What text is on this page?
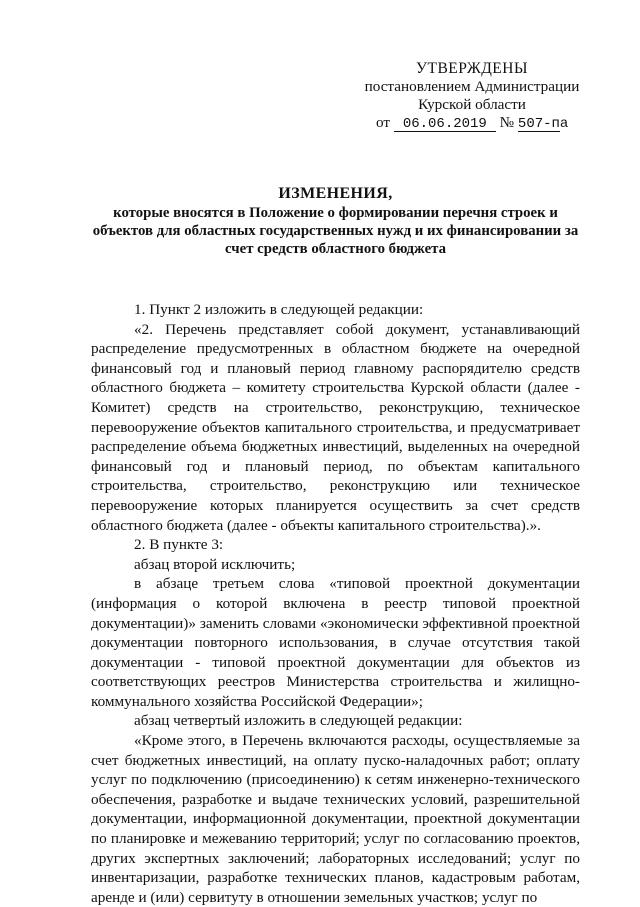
УТВЕРЖДЕНЫ
постановлением Администрации
Курской области
от 06.06.2019 № 507-па
ИЗМЕНЕНИЯ,
которые вносятся в Положение о формировании перечня строек и объектов для областных государственных нужд и их финансировании за счет средств областного бюджета

1. Пункт 2 изложить в следующей редакции:

«2. Перечень представляет собой документ, устанавливающий распределение предусмотренных в областном бюджете на очередной финансовый год и плановый период главному распорядителю средств областного бюджета – комитету строительства Курской области (далее - Комитет) средств на строительство, реконструкцию, техническое перевооружение объектов капитального строительства, и предусматривает распределение объема бюджетных инвестиций, выделенных на очередной финансовый год и плановый период, по объектам капитального строительства, строительство, реконструкцию или техническое перевооружение которых планируется осуществить за счет средств областного бюджета (далее - объекты капитального строительства).».

2. В пункте 3:

абзац второй исключить;

в абзаце третьем слова «типовой проектной документации (информация о которой включена в реестр типовой проектной документации)» заменить словами «экономически эффективной проектной документации повторного использования, в случае отсутствия такой документации - типовой проектной документации для объектов из соответствующих реестров Министерства строительства и жилищно-коммунального хозяйства Российской Федерации»;

абзац четвертый изложить в следующей редакции:

«Кроме этого, в Перечень включаются расходы, осуществляемые за счет бюджетных инвестиций, на оплату пуско-наладочных работ; оплату услуг по подключению (присоединению) к сетям инженерно-технического обеспечения, разработке и выдаче технических условий, разрешительной документации, информационной документации, проектной документации по планировке и межеванию территорий; услуг по согласованию проектов, других экспертных заключений; лабораторных исследований; услуг по инвентаризации, разработке технических планов, кадастровым работам, аренде и (или) сервитуту в отношении земельных участков; услуг по
